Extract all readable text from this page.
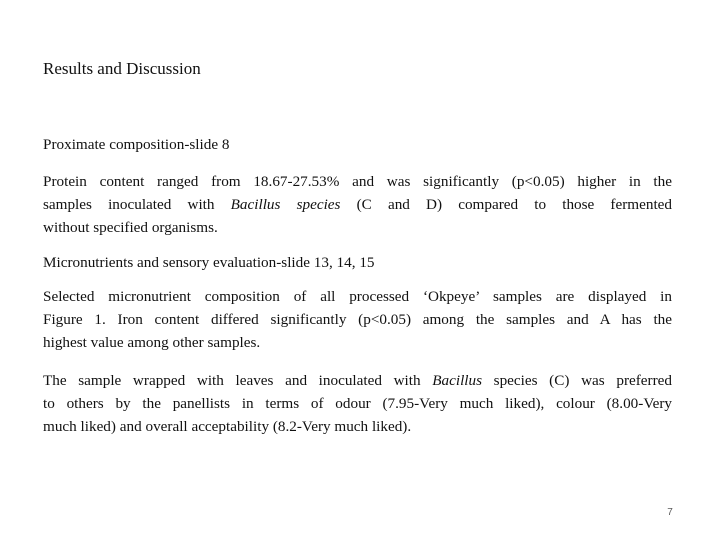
Results and Discussion
Proximate composition-slide 8
Protein content ranged from 18.67-27.53% and was significantly (p<0.05) higher in the
samples inoculated with Bacillus species (C and D) compared to those fermented
without specified organisms.
Micronutrients and sensory evaluation-slide 13, 14, 15
Selected micronutrient composition of all processed ‘Okpeye’ samples are displayed in
Figure 1. Iron content differed significantly (p<0.05) among the samples and A has the
highest value among other samples.
The sample wrapped with leaves and inoculated with Bacillus species (C) was preferred
to others by the panellists in terms of odour (7.95-Very much liked), colour (8.00-Very
much liked) and overall acceptability (8.2-Very much liked).
7
